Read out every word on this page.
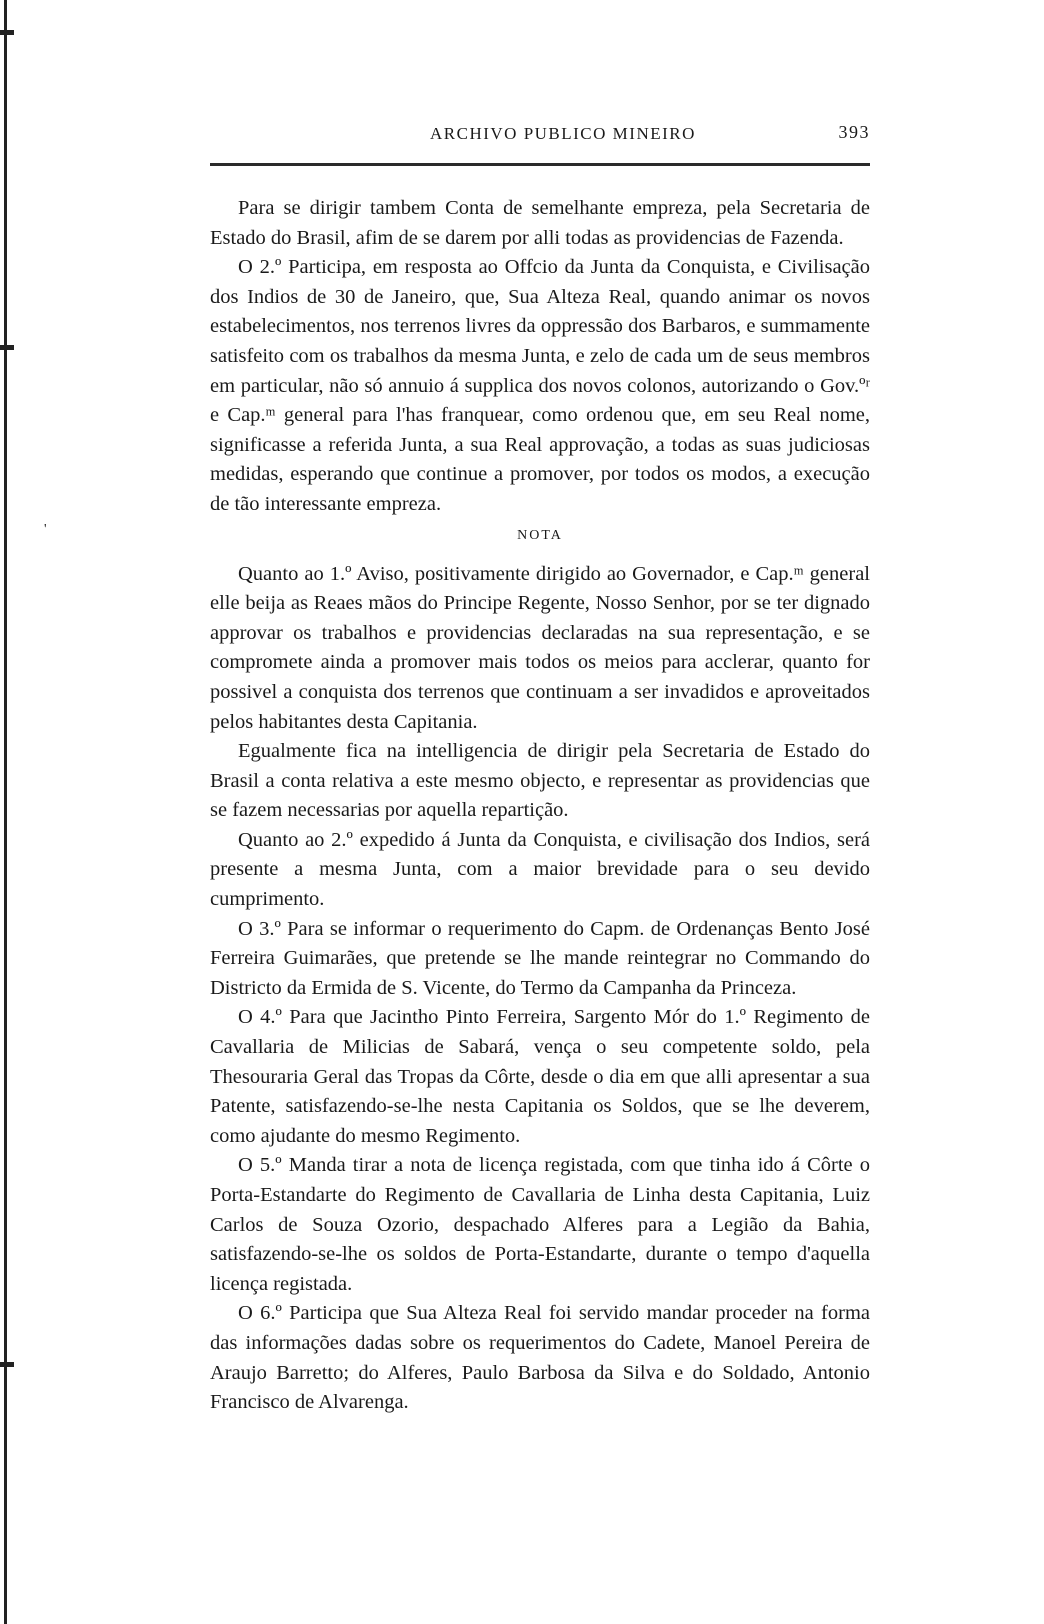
'
ARCHIVO PUBLICO MINEIRO	393

Para se dirigir tambem Conta de semelhante empreza, pela Secretaria de Estado do Brasil, afim de se darem por alli todas as providencias de Fazenda.

O 2.º Participa, em resposta ao Offcio da Junta da Conquista, e Civilisação dos Indios de 30 de Janeiro, que, Sua Alteza Real, quando animar os novos estabelecimentos, nos terrenos livres da oppressão dos Barbaros, e summamente satisfeito com os trabalhos da mesma Junta, e zelo de cada um de seus membros em particular, não só annuio á supplica dos novos colonos, autorizando o Gov.ºʳ e Cap.ᵐ general para l'has franquear, como ordenou que, em seu Real nome, significasse a referida Junta, a sua Real approvação, a todas as suas judiciosas medidas, esperando que continue a promover, por todos os modos, a execução de tão interessante empreza.

NOTA

Quanto ao 1.º Aviso, positivamente dirigido ao Governador, e Cap.ᵐ general elle beija as Reaes mãos do Principe Regente, Nosso Senhor, por se ter dignado approvar os trabalhos e providencias declaradas na sua representação, e se compromete ainda a promover mais todos os meios para acclerar, quanto for possivel a conquista dos terrenos que continuam a ser invadidos e aproveitados pelos habitantes desta Capitania.

Egualmente fica na intelligencia de dirigir pela Secretaria de Estado do Brasil a conta relativa a este mesmo objecto, e representar as providencias que se fazem necessarias por aquella repartição.

Quanto ao 2.º expedido á Junta da Conquista, e civilisação dos Indios, será presente a mesma Junta, com a maior brevidade para o seu devido cumprimento.

O 3.º Para se informar o requerimento do Capm. de Ordenanças Bento José Ferreira Guimarães, que pretende se lhe mande reintegrar no Commando do Districto da Ermida de S. Vicente, do Termo da Campanha da Princeza.

O 4.º Para que Jacintho Pinto Ferreira, Sargento Mór do 1.º Regimento de Cavallaria de Milicias de Sabará, vença o seu competente soldo, pela Thesouraria Geral das Tropas da Côrte, desde o dia em que alli apresentar a sua Patente, satisfazendo-se-lhe nesta Capitania os Soldos, que se lhe deverem, como ajudante do mesmo Regimento.

O 5.º Manda tirar a nota de licença registada, com que tinha ido á Côrte o Porta-Estandarte do Regimento de Cavallaria de Linha desta Capitania, Luiz Carlos de Souza Ozorio, despachado Alferes para a Legião da Bahia, satisfazendo-se-lhe os soldos de Porta-Estandarte, durante o tempo d'aquella licença registada.

O 6.º Participa que Sua Alteza Real foi servido mandar proceder na forma das informações dadas sobre os requerimentos do Cadete, Manoel Pereira de Araujo Barretto; do Alferes, Paulo Barbosa da Silva e do Soldado, Antonio Francisco de Alvarenga.
